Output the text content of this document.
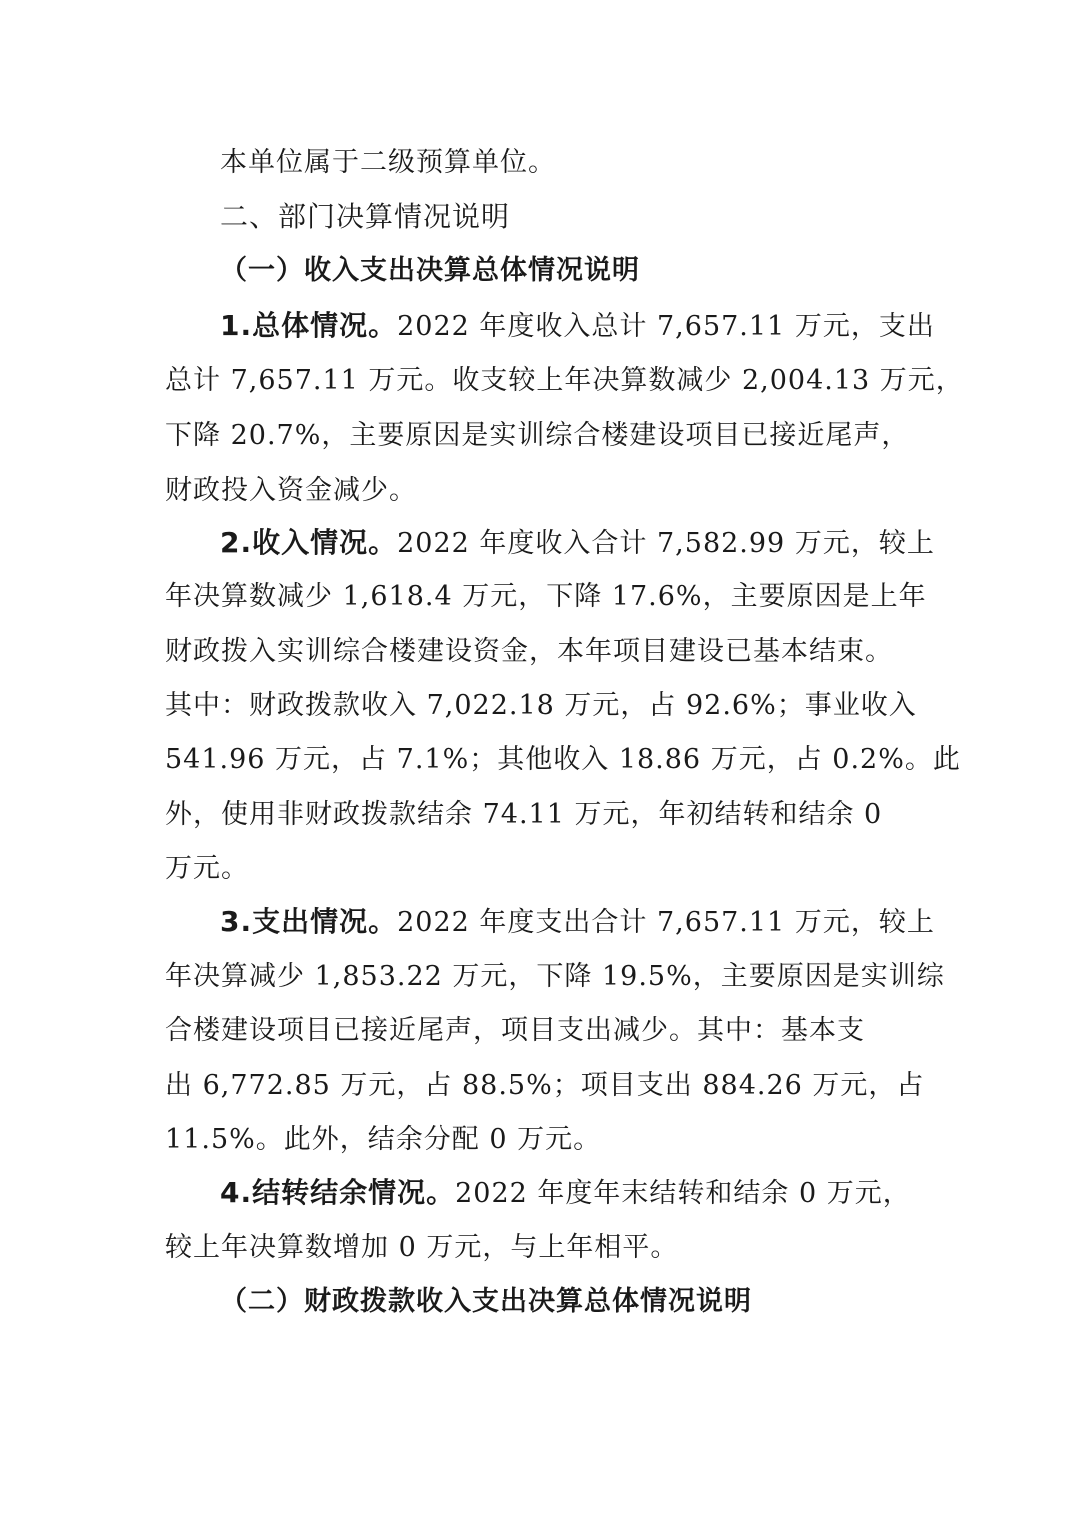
本单位属于二级预算单位。
二、部门决算情况说明
（一）收入支出决算总体情况说明
1.总体情况。2022 年度收入总计 7,657.11 万元，支出
总计 7,657.11 万元。收支较上年决算数减少 2,004.13 万元，
下降 20.7%，主要原因是实训综合楼建设项目已接近尾声，
财政投入资金减少。
2.收入情况。2022 年度收入合计 7,582.99 万元，较上
年决算数减少 1,618.4 万元，下降 17.6%，主要原因是上年
财政拨入实训综合楼建设资金，本年项目建设已基本结束。
其中：财政拨款收入 7,022.18 万元，占 92.6%；事业收入
541.96 万元，占 7.1%；其他收入 18.86 万元，占 0.2%。此
外，使用非财政拨款结余 74.11 万元，年初结转和结余 0
万元。
3.支出情况。2022 年度支出合计 7,657.11 万元，较上
年决算减少 1,853.22 万元，下降 19.5%，主要原因是实训综
合楼建设项目已接近尾声，项目支出减少。其中：基本支
出 6,772.85 万元，占 88.5%；项目支出 884.26 万元，占
11.5%。此外，结余分配 0 万元。
4.结转结余情况。2022 年度年末结转和结余 0 万元，
较上年决算数增加 0 万元，与上年相平。
（二）财政拨款收入支出决算总体情况说明
